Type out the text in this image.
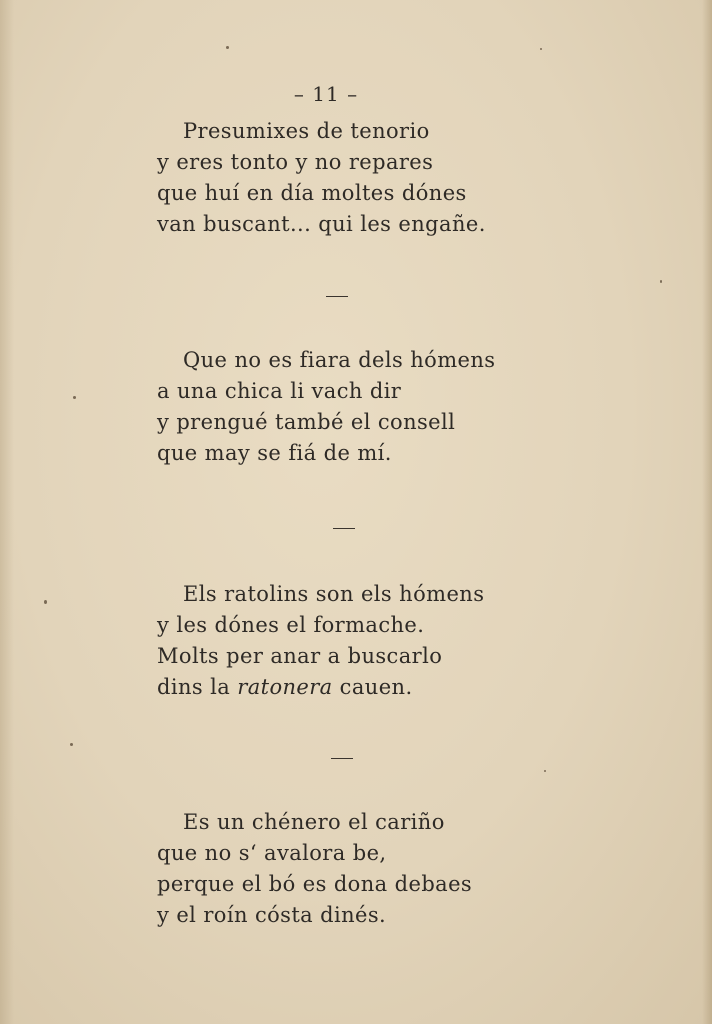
– 11 –
Presumixes de tenorio
y eres tonto y no repares
que huí en día moltes dónes
van buscant... qui les engañe.
Que no es fiara dels hómens
a una chica li vach dir
y prengué també el consell
que may se fiá de mí.
Els ratolins son els hómens
y les dónes el formache.
Molts per anar a buscarlo
dins la ratonera cauen.
Es un chénero el cariño
que no s‘ avalora be,
perque el bó es dona debaes
y el roín cósta dinés.
